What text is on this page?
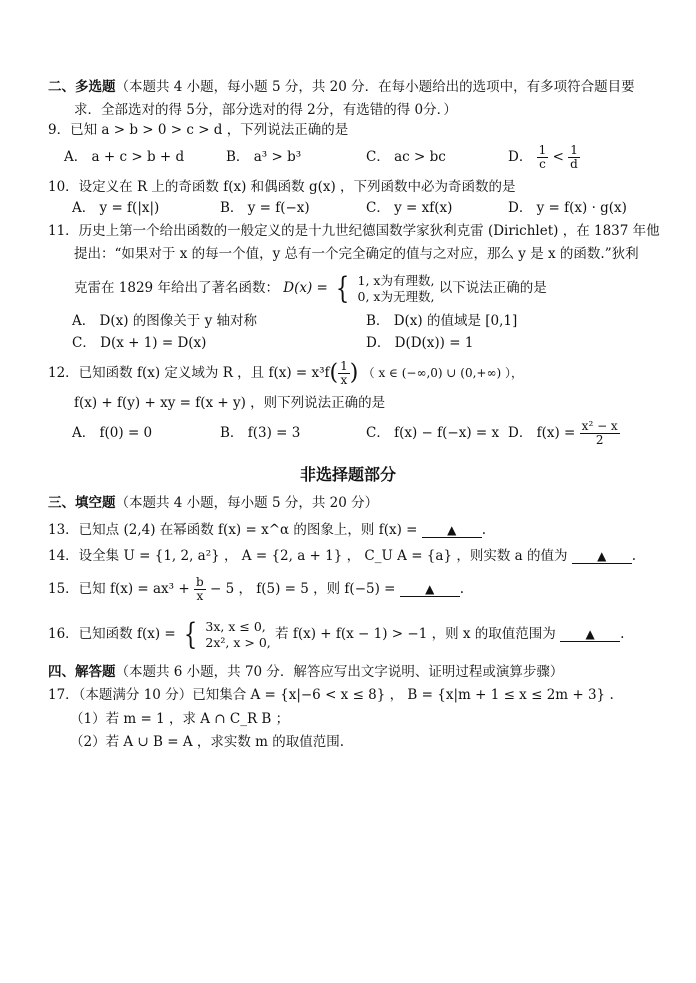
二、多选题（本题共 4 小题，每小题 5 分，共 20 分．在每小题给出的选项中，有多项符合题目要
求．全部选对的得 5分，部分选对的得 2分，有选错的得 0分．）
9．已知 a > b > 0 > c > d ，下列说法正确的是
A． a + c > b + d	B． a³ > b³	C． ac > bc	D． $\frac{1}{c} < \frac{1}{d}$
10．设定义在 R 上的奇函数 f(x) 和偶函数 g(x) ，下列函数中必为奇函数的是
A． y = f(|x|)	B． y = f(−x)	C． y = xf(x)	D． y = f(x) · g(x)
11．历史上第一个给出函数的一般定义的是十九世纪德国数学家狄利克雷 (Dirichlet) ，在 1837 年他
提出：“如果对于 x 的每一个值，y 总有一个完全确定的值与之对应，那么 y 是 x 的函数.”狄利
克雷在 1829 年给出了著名函数： D(x) = { 1, x为有理数,
0, x为无理数, 以下说法正确的是
A． D(x) 的图像关于 y 轴对称	B． D(x) 的值域是 [0,1]
C． D(x + 1) = D(x)	D． D(D(x)) = 1
12．已知函数 f(x) 定义域为 R ，且 $f(x) = x^3f( \frac{1}{x}$ ) （ x ∈ (−∞,0) ∪ (0,+∞) ），
f(x) + f(y) + xy = f(x + y) ，则下列说法正确的是
A． f(0) = 0	B． f(3) = 3	C． f(x) − f(−x) = x D． $f(x) = \frac{\text{x² − x}}{2}$
非选择题部分
三、填空题（本题共 4 小题，每小题 5 分，共 20 分）
13．已知点 (2,4) 在幂函数 f(x) = x^α 的图象上，则 f(x) = ▲ .
14．设全集 U = {1, 2, a²} ， A = {2, a + 1} ， C_U A = {a} ，则实数 a 的值为 ▲ .
15．已知 $f(x) = ax^3 + \frac{b}{x} - 5$ ， f(5) = 5 ，则 f(−5) = ▲ .
16．已知函数 f(x) = { 3x, x ≤ 0,
2x², x > 0, 若 f(x) + f(x − 1) > −1 ，则 x 的取值范围为 ▲ .
四、解答题（本题共 6 小题，共 70 分．解答应写出文字说明、证明过程或演算步骤）
17．（本题满分 10 分）已知集合 A = {x|−6 < x ≤ 8} ， B = {x|m + 1 ≤ x ≤ 2m + 3} .
（1）若 m = 1 ，求 A ∩ C_R B ；
（2）若 A ∪ B = A ，求实数 m 的取值范围.
